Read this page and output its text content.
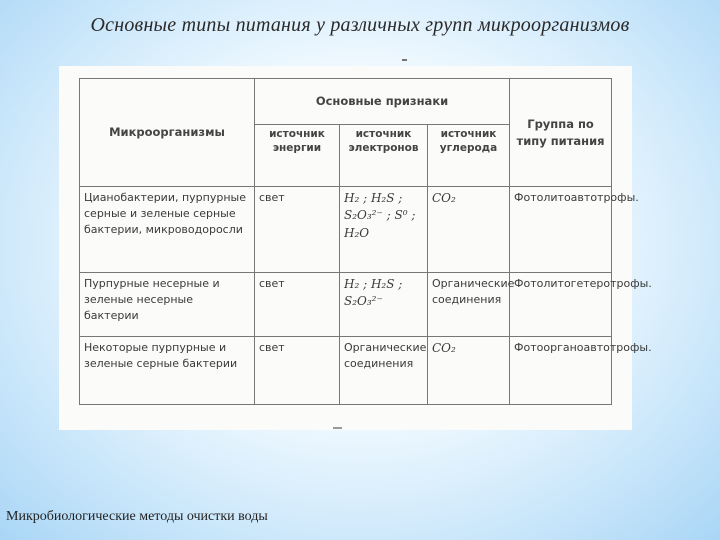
Основные типы питания у различных групп микроорганизмов
Микроорганизмы	Основные признаки			Группа по типу питания
	источник энергии	источник электронов	источник углерода	
Цианобактерии, пурпурные серные и зеленые серные бактерии, микроводоросли	свет	H₂ ; H₂S ; S₂O₃²⁻ ; S⁰ ; H₂O	CO₂	Фотолитоавтотрофы.
Пурпурные несерные и зеленые несерные бактерии	свет	H₂ ; H₂S ; S₂O₃²⁻	Органические соединения	Фотолитогетеротрофы.
Некоторые пурпурные и зеленые серные бактерии	свет	Органические соединения	CO₂	Фотоорганоавтотрофы.
Микробиологические методы очистки воды
